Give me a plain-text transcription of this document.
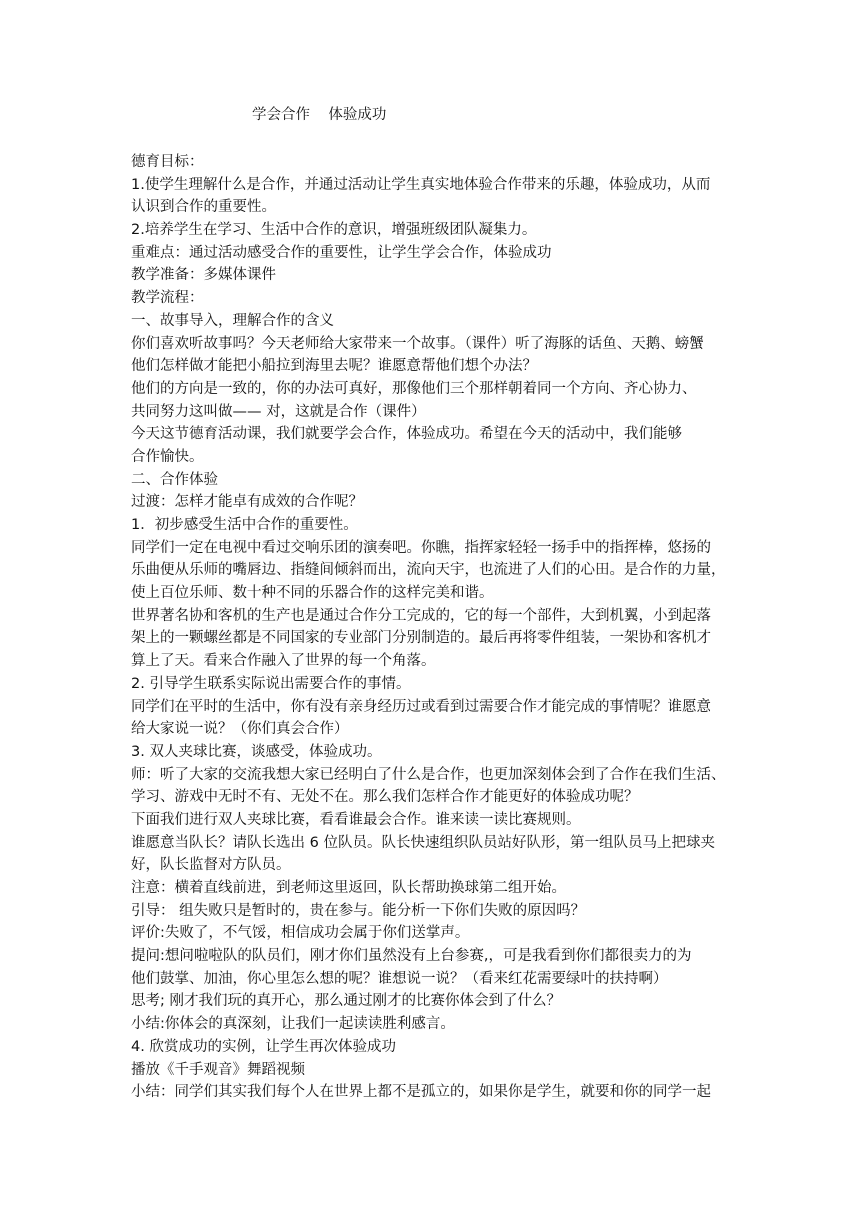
学会合作    体验成功
德育目标：
1.使学生理解什么是合作，并通过活动让学生真实地体验合作带来的乐趣，体验成功，从而
认识到合作的重要性。
2.培养学生在学习、生活中合作的意识，增强班级团队凝集力。
重难点：通过活动感受合作的重要性，让学生学会合作，体验成功
教学准备：多媒体课件
教学流程：
一、故事导入，理解合作的含义
你们喜欢听故事吗？今天老师给大家带来一个故事。（课件）听了海豚的话鱼、天鹅、螃蟹
他们怎样做才能把小船拉到海里去呢？谁愿意帮他们想个办法？
他们的方向是一致的，你的办法可真好，那像他们三个那样朝着同一个方向、齐心协力、
共同努力这叫做—— 对，这就是合作（课件）
今天这节德育活动课，我们就要学会合作，体验成功。希望在今天的活动中，我们能够
合作愉快。
二、合作体验
过渡：怎样才能卓有成效的合作呢？
1．初步感受生活中合作的重要性。
同学们一定在电视中看过交响乐团的演奏吧。你瞧，指挥家轻轻一扬手中的指挥棒，悠扬的
乐曲便从乐师的嘴唇边、指缝间倾斜而出，流向天宇，也流进了人们的心田。是合作的力量，
使上百位乐师、数十种不同的乐器合作的这样完美和谐。
世界著名协和客机的生产也是通过合作分工完成的，它的每一个部件，大到机翼，小到起落
架上的一颗螺丝都是不同国家的专业部门分别制造的。最后再将零件组装，一架协和客机才
算上了天。看来合作融入了世界的每一个角落。
2. 引导学生联系实际说出需要合作的事情。
同学们在平时的生活中，你有没有亲身经历过或看到过需要合作才能完成的事情呢？谁愿意
给大家说一说？（你们真会合作）
3. 双人夹球比赛，谈感受，体验成功。
师：听了大家的交流我想大家已经明白了什么是合作，也更加深刻体会到了合作在我们生活、
学习、游戏中无时不有、无处不在。那么我们怎样合作才能更好的体验成功呢？
下面我们进行双人夹球比赛，看看谁最会合作。谁来读一读比赛规则。
谁愿意当队长？请队长选出 6 位队员。队长快速组织队员站好队形，第一组队员马上把球夹
好，队长监督对方队员。
注意：横着直线前进，到老师这里返回，队长帮助换球第二组开始。
引导： 组失败只是暂时的，贵在参与。能分析一下你们失败的原因吗？
评价:失败了，不气馁，相信成功会属于你们送掌声。
提问:想问啦啦队的队员们，刚才你们虽然没有上台参赛,，可是我看到你们都很卖力的为
他们鼓掌、加油，你心里怎么想的呢？谁想说一说？（看来红花需要绿叶的扶持啊）
思考; 刚才我们玩的真开心，那么通过刚才的比赛你体会到了什么？
小结:你体会的真深刻，让我们一起读读胜利感言。
4. 欣赏成功的实例，让学生再次体验成功
播放《千手观音》舞蹈视频
小结：同学们其实我们每个人在世界上都不是孤立的，如果你是学生，就要和你的同学一起
